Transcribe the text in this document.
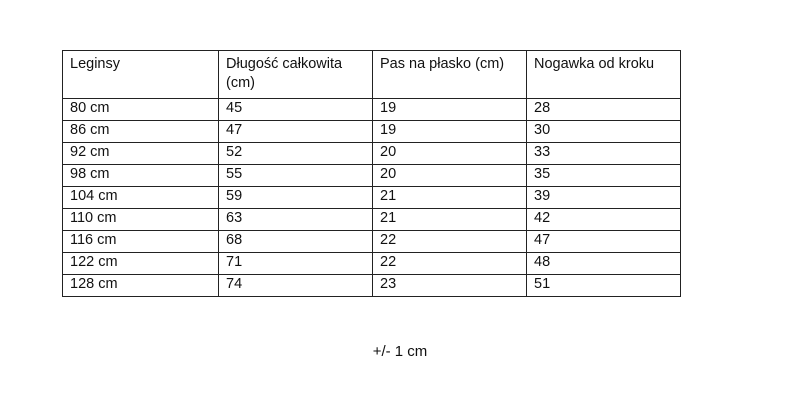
Leginsy	Długość całkowita (cm)	Pas na płasko (cm)	Nogawka od kroku
80 cm	45	19	28
86 cm	47	19	30
92 cm	52	20	33
98 cm	55	20	35
104 cm	59	21	39
110 cm	63	21	42
116 cm	68	22	47
122 cm	71	22	48
128 cm	74	23	51
+/- 1 cm
